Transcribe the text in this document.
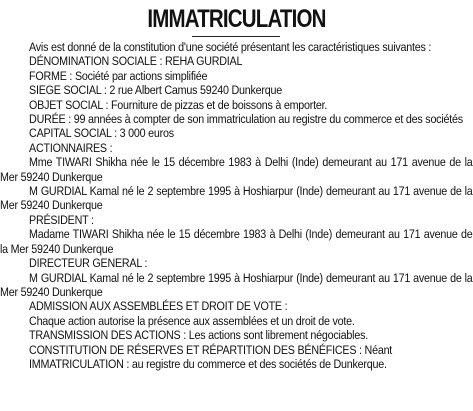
IMMATRICULATION

Avis est donné de la constitution d'une société présentant les caractéristiques suivantes :

DÉNOMINATION SOCIALE : REHA GURDIAL

FORME : Société par actions simplifiée

SIEGE SOCIAL : 2 rue Albert Camus 59240 Dunkerque

OBJET SOCIAL : Fourniture de pizzas et de boissons à emporter.

DURÉE : 99 années à compter de son immatriculation au registre du commerce et des sociétés

CAPITAL SOCIAL : 3 000 euros

ACTIONNAIRES :

Mme TIWARI Shikha née le 15 décembre 1983 à Delhi (Inde) demeurant au 171 avenue de la Mer 59240 Dunkerque

M GURDIAL Kamal né le 2 septembre 1995 à Hoshiarpur (Inde) demeurant au 171 avenue de la Mer 59240 Dunkerque

PRÉSIDENT :

Madame TIWARI Shikha née le 15 décembre 1983 à Delhi (Inde) demeurant au 171 avenue de la Mer 59240 Dunkerque

DIRECTEUR GENERAL :

M GURDIAL Kamal né le 2 septembre 1995 à Hoshiarpur (Inde) demeurant au 171 avenue de la Mer 59240 Dunkerque

ADMISSION AUX ASSEMBLÉES ET DROIT DE VOTE :

Chaque action autorise la présence aux assemblées et un droit de vote.

TRANSMISSION DES ACTIONS : Les actions sont librement négociables.

CONSTITUTION DE RÉSERVES ET RÉPARTITION DES BÉNÉFICES : Néant

IMMATRICULATION : au registre du commerce et des sociétés de Dunkerque.
